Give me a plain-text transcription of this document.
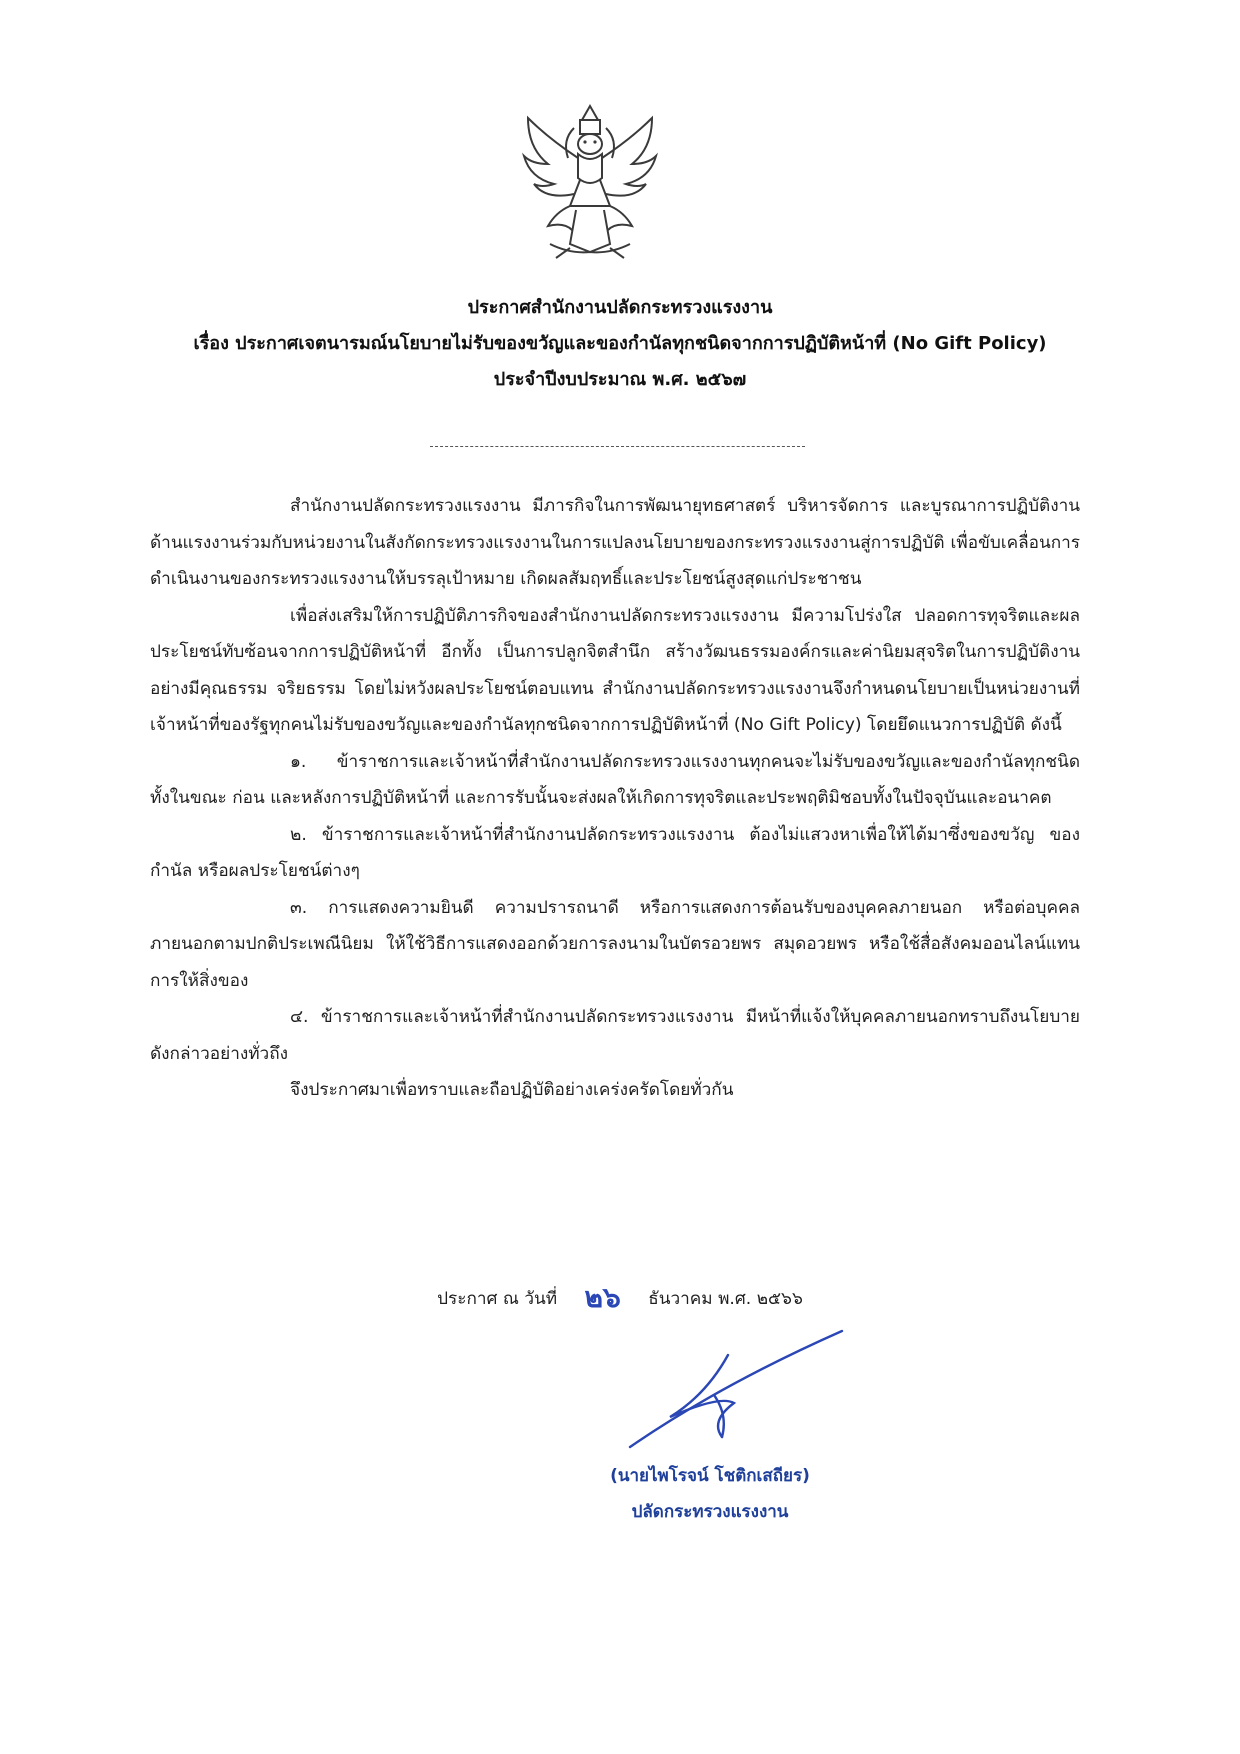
ประกาศสำนักงานปลัดกระทรวงแรงงาน
เรื่อง ประกาศเจตนารมณ์นโยบายไม่รับของขวัญและของกำนัลทุกชนิดจากการปฏิบัติหน้าที่ (No Gift Policy)
ประจำปีงบประมาณ พ.ศ. ๒๕๖๗

สำนักงานปลัดกระทรวงแรงงาน มีภารกิจในการพัฒนายุทธศาสตร์ บริหารจัดการ และบูรณาการปฏิบัติงานด้านแรงงานร่วมกับหน่วยงานในสังกัดกระทรวงแรงงานในการแปลงนโยบายของกระทรวงแรงงานสู่การปฏิบัติ เพื่อขับเคลื่อนการดำเนินงานของกระทรวงแรงงานให้บรรลุเป้าหมาย เกิดผลสัมฤทธิ์และประโยชน์สูงสุดแก่ประชาชน

เพื่อส่งเสริมให้การปฏิบัติภารกิจของสำนักงานปลัดกระทรวงแรงงาน มีความโปร่งใส ปลอดการทุจริตและผลประโยชน์ทับซ้อนจากการปฏิบัติหน้าที่ อีกทั้ง เป็นการปลูกจิตสำนึก สร้างวัฒนธรรมองค์กรและค่านิยมสุจริตในการปฏิบัติงานอย่างมีคุณธรรม จริยธรรม โดยไม่หวังผลประโยชน์ตอบแทน สำนักงานปลัดกระทรวงแรงงานจึงกำหนดนโยบายเป็นหน่วยงานที่เจ้าหน้าที่ของรัฐทุกคนไม่รับของขวัญและของกำนัลทุกชนิดจากการปฏิบัติหน้าที่ (No Gift Policy) โดยยึดแนวการปฏิบัติ ดังนี้

๑. ข้าราชการและเจ้าหน้าที่สำนักงานปลัดกระทรวงแรงงานทุกคนจะไม่รับของขวัญและของกำนัลทุกชนิด ทั้งในขณะ ก่อน และหลังการปฏิบัติหน้าที่ และการรับนั้นจะส่งผลให้เกิดการทุจริตและประพฤติมิชอบทั้งในปัจจุบันและอนาคต

๒. ข้าราชการและเจ้าหน้าที่สำนักงานปลัดกระทรวงแรงงาน ต้องไม่แสวงหาเพื่อให้ได้มาซึ่งของขวัญ ของกำนัล หรือผลประโยชน์ต่างๆ

๓. การแสดงความยินดี ความปรารถนาดี หรือการแสดงการต้อนรับของบุคคลภายนอก หรือต่อบุคคลภายนอกตามปกติประเพณีนิยม ให้ใช้วิธีการแสดงออกด้วยการลงนามในบัตรอวยพร สมุดอวยพร หรือใช้สื่อสังคมออนไลน์แทนการให้สิ่งของ

๔. ข้าราชการและเจ้าหน้าที่สำนักงานปลัดกระทรวงแรงงาน มีหน้าที่แจ้งให้บุคคลภายนอกทราบถึงนโยบายดังกล่าวอย่างทั่วถึง

จึงประกาศมาเพื่อทราบและถือปฏิบัติอย่างเคร่งครัดโดยทั่วกัน

ประกาศ ณ วันที่ ๒๖ ธันวาคม พ.ศ. ๒๕๖๖
(นายไพโรจน์ โชติกเสถียร)
ปลัดกระทรวงแรงงาน
